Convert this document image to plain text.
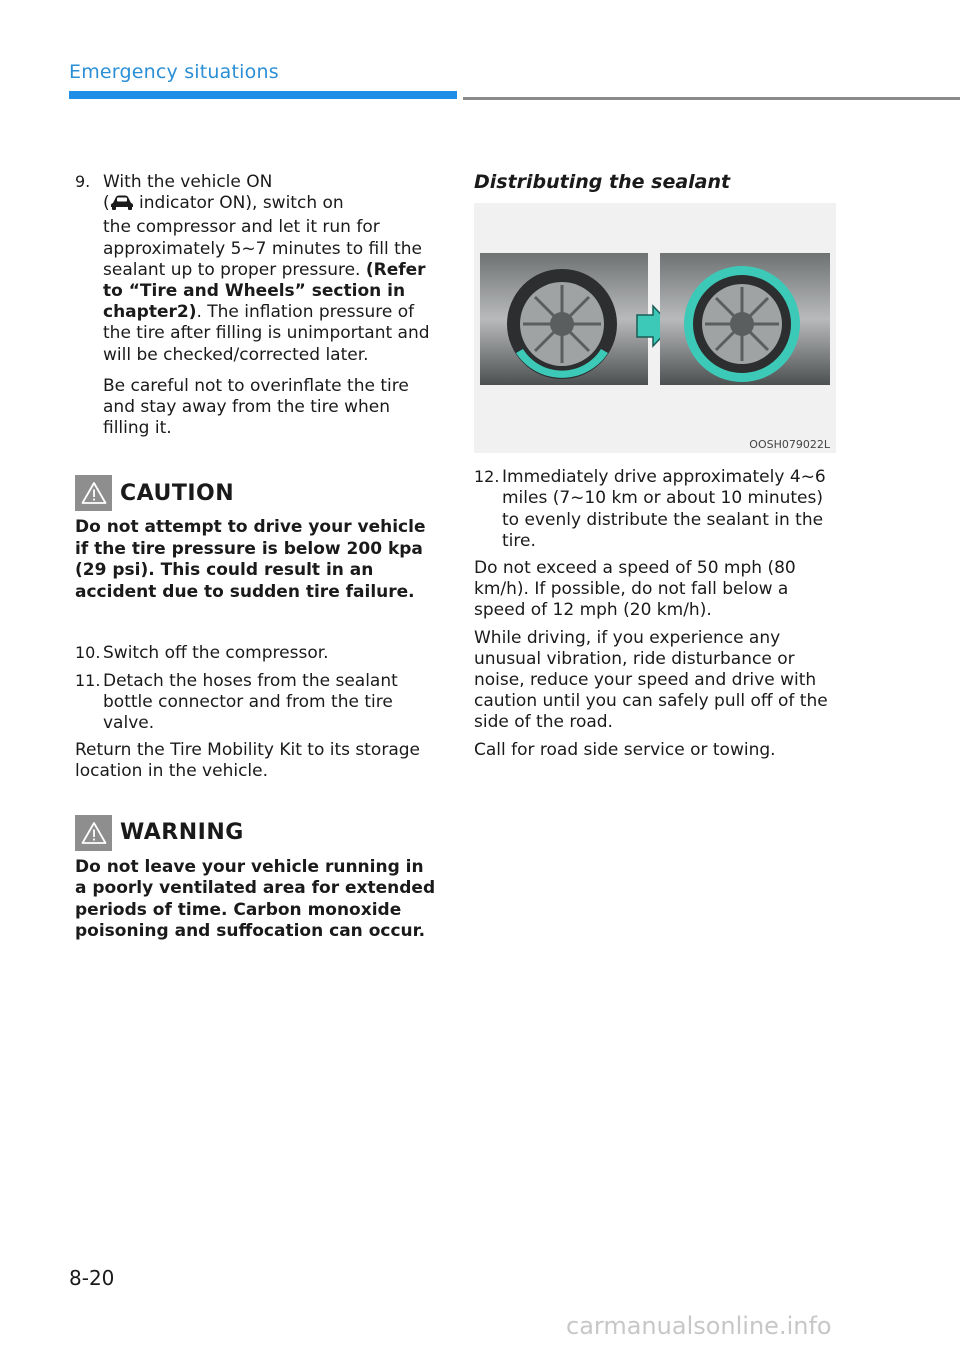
Emergency situations
9. With the vehicle ON

( indicator ON), switch on

the compressor and let it run for approximately 5~7 minutes to fill the sealant up to proper pressure. (Refer to “Tire and Wheels” section in chapter2). The inflation pressure of the tire after filling is unimportant and will be checked/corrected later.

Be careful not to overinflate the tire and stay away from the tire when filling it.

CAUTION

Do not attempt to drive your vehicle if the tire pressure is below 200 kpa (29 psi). This could result in an accident due to sudden tire failure.

10. Switch off the compressor.

11. Detach the hoses from the sealant bottle connector and from the tire valve.

Return the Tire Mobility Kit to its storage location in the vehicle.

WARNING

Do not leave your vehicle running in a poorly ventilated area for extended periods of time. Carbon monoxide poisoning and suffocation can occur.

Distributing the sealant

OOSH079022L
12. Immediately drive approximately 4~6 miles (7~10 km or about 10 minutes) to evenly distribute the sealant in the tire.

Do not exceed a speed of 50 mph (80 km/h). If possible, do not fall below a speed of 12 mph (20 km/h).

While driving, if you experience any unusual vibration, ride disturbance or noise, reduce your speed and drive with caution until you can safely pull off of the side of the road.

Call for road side service or towing.

8-20
carmanualsonline.info
